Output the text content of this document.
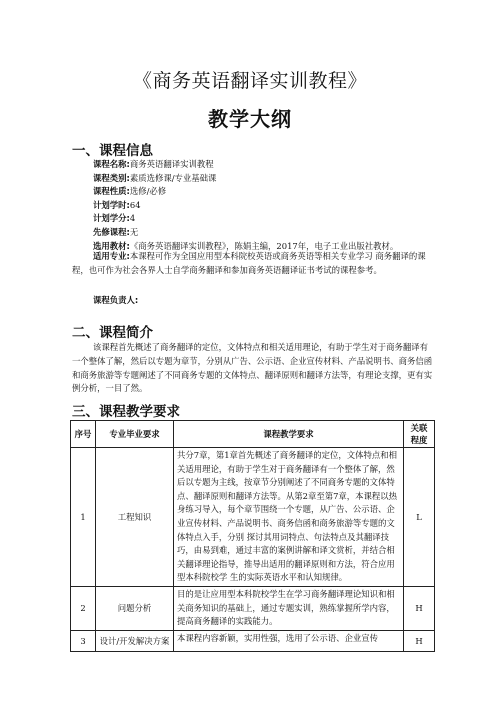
《商务英语翻译实训教程》
教学大纲
一、课程信息
课程名称:商务英语翻译实训教程
课程类别:素质选修课/专业基础课
课程性质:选修/必修
计划学时:64
计划学分:4
先修课程:无
选用教材:《商务英语翻译实训教程》，陈娟主编，2017年，电子工业出版社教材。
适用专业:本课程可作为全国应用型本科院校英语或商务英语等相关专业学习 商务翻译的课程，也可作为社会各界人士自学商务翻译和参加商务英语翻译证书考试的课程参考。
课程负责人:
二、课程简介
该课程首先概述了商务翻译的定位，文体特点和相关适用理论，有助于学生对于商务翻译有一个整体了解，然后以专题为章节，分别从广告、公示语、企业宣传材料、产品说明书、商务信函和商务旅游等专题阐述了不同商务专题的文体特点、翻译原则和翻译方法等，有理论支撑，更有实例分析，一目了然。
三、课程教学要求
序号	专业毕业要求	课程教学要求	关联程度
1	工程知识	共分7章，第1章首先概述了商务翻译的定位，文体特点和相关适用理论，有助于学生对于商务翻译有一个整体了解，然后以专题为主线，按章节分别阐述了不同商务专题的文体特点、翻译原则和翻译方法等。从第2章至第7章，本课程以热身练习导入，每个章节围绕一个专题，从广告、公示语、企业宣传材料、产品说明书、商务信函和商务旅游等专题的文体特点入手，分别 探讨其用词特点、句法特点及其翻译技巧，由易到难，通过丰富的案例讲解和译文赏析，并结合相关翻译理论指导，推导出适用的翻译原则和方法，符合应用型本科院校学 生的实际英语水平和认知规律。	L
2	问题分析	目的是让应用型本科院校学生在学习商务翻译理论知识和相关商务知识的基础上，通过专题实训，熟练掌握所学内容，提高商务翻译的实践能力。	H
3	设计/开发解决方案	本课程内容新颖，实用性强，选用了公示语、企业宣传	H
